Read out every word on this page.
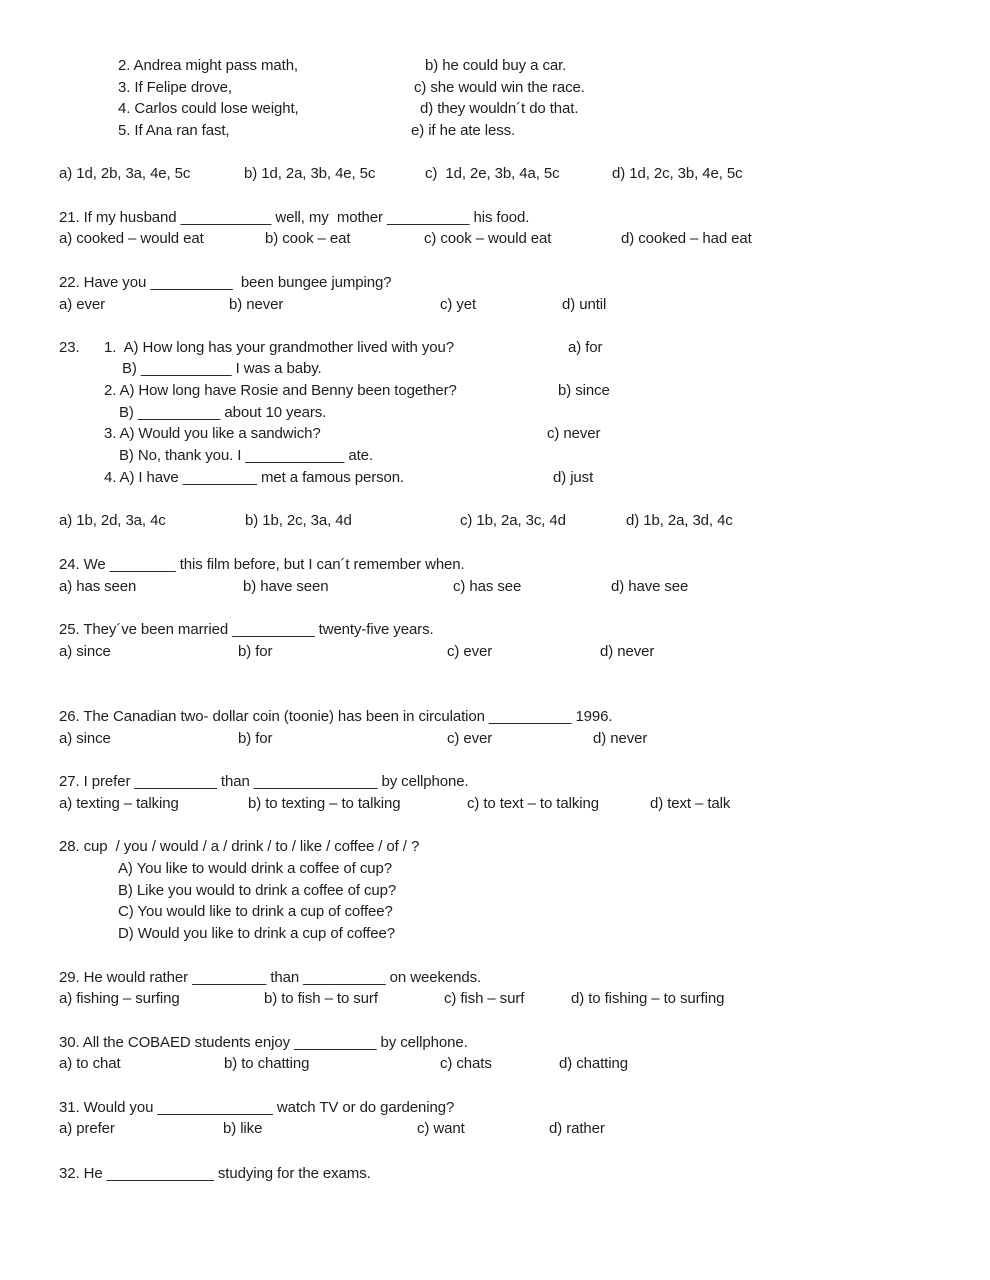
2. Andrea might pass math,	b) he could buy a car.
3. If Felipe drove,	c) she would win the race.
4. Carlos could lose weight,	d) they wouldn´t do that.
5. If Ana ran fast,	e) if he ate less.
a) 1d, 2b, 3a, 4e, 5c	b) 1d, 2a, 3b, 4e, 5c	c)  1d, 2e, 3b, 4a, 5c	d) 1d, 2c, 3b, 4e, 5c
21. If my husband ___________ well, my  mother __________ his food.
a) cooked – would eat	b) cook – eat	c) cook – would eat	d) cooked – had eat
22. Have you __________  been bungee jumping?
a) ever	b) never	c) yet	d) until
23. 1.  A) How long has your grandmother lived with you?	a) for
B) ___________ I was a baby.
2. A) How long have Rosie and Benny been together?	b) since
B) __________ about 10 years.
3. A) Would you like a sandwich?	c) never
B) No, thank you. I ____________ ate.
4. A) I have _________ met a famous person.	d) just
a) 1b, 2d, 3a, 4c	b) 1b, 2c, 3a, 4d	c) 1b, 2a, 3c, 4d	d) 1b, 2a, 3d, 4c
24. We ________ this film before, but I can´t remember when.
a) has seen	b) have seen	c) has see	d) have see
25. They´ve been married __________ twenty-five years.
a) since	b) for	c) ever	d) never
26. The Canadian two- dollar coin (toonie) has been in circulation __________ 1996.
a) since	b) for	c) ever	d) never
27. I prefer __________ than _______________ by cellphone.
a) texting – talking	b) to texting – to talking	c) to text – to talking	d) text – talk
28. cup  / you / would / a / drink / to / like / coffee / of / ?
A) You like to would drink a coffee of cup?
B) Like you would to drink a coffee of cup?
C) You would like to drink a cup of coffee?
D) Would you like to drink a cup of coffee?
29. He would rather _________ than __________ on weekends.
a) fishing – surfing	b) to fish – to surf	c) fish – surf	d) to fishing – to surfing
30. All the COBAED students enjoy __________ by cellphone.
a) to chat	b) to chatting	c) chats	d) chatting
31. Would you ______________ watch TV or do gardening?
a) prefer	b) like	c) want	d) rather
32. He _____________ studying for the exams.
